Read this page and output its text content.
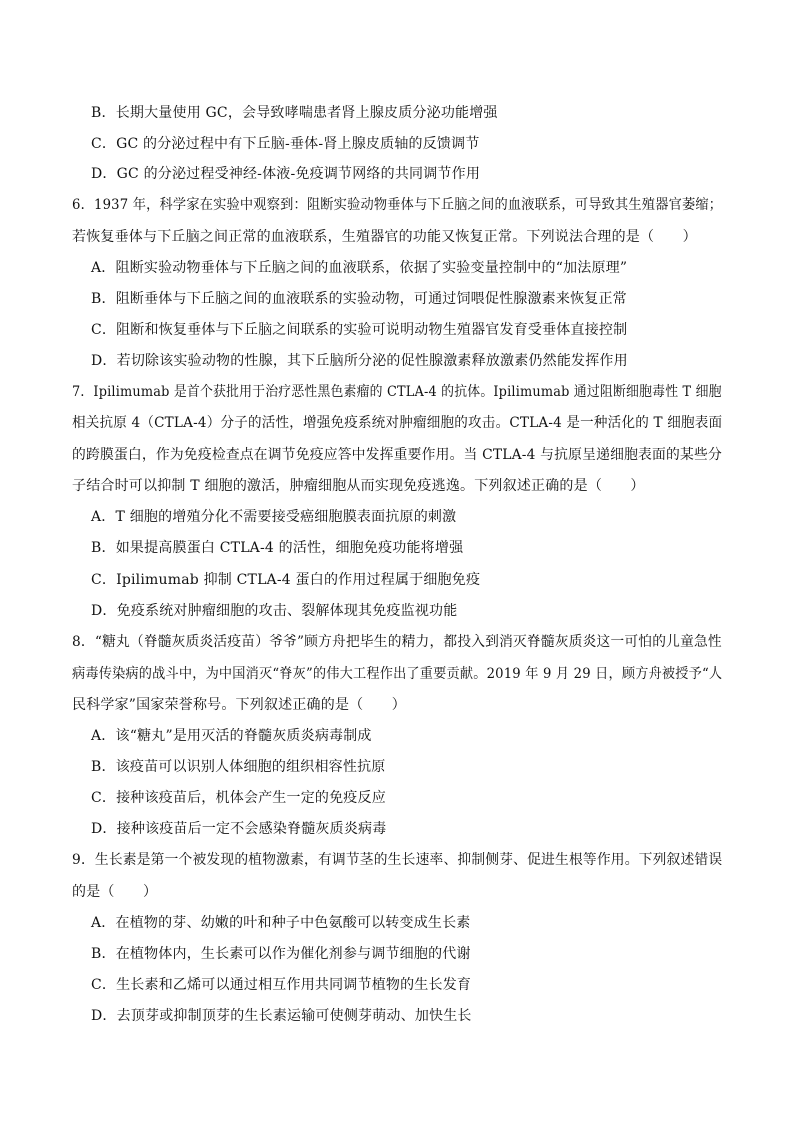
B．长期大量使用 GC，会导致哮喘患者肾上腺皮质分泌功能增强
C．GC 的分泌过程中有下丘脑-垂体-肾上腺皮质轴的反馈调节
D．GC 的分泌过程受神经-体液-免疫调节网络的共同调节作用
6．1937 年，科学家在实验中观察到：阻断实验动物垂体与下丘脑之间的血液联系，可导致其生殖器官萎缩；
若恢复垂体与下丘脑之间正常的血液联系，生殖器官的功能又恢复正常。下列说法合理的是（　　）
A．阻断实验动物垂体与下丘脑之间的血液联系，依据了实验变量控制中的“加法原理”
B．阻断垂体与下丘脑之间的血液联系的实验动物，可通过饲喂促性腺激素来恢复正常
C．阻断和恢复垂体与下丘脑之间联系的实验可说明动物生殖器官发育受垂体直接控制
D．若切除该实验动物的性腺，其下丘脑所分泌的促性腺激素释放激素仍然能发挥作用
7．Ipilimumab 是首个获批用于治疗恶性黑色素瘤的 CTLA-4 的抗体。Ipilimumab 通过阻断细胞毒性 T 细胞
相关抗原 4（CTLA-4）分子的活性，增强免疫系统对肿瘤细胞的攻击。CTLA-4 是一种活化的 T 细胞表面
的跨膜蛋白，作为免疫检查点在调节免疫应答中发挥重要作用。当 CTLA-4 与抗原呈递细胞表面的某些分
子结合时可以抑制 T 细胞的激活，肿瘤细胞从而实现免疫逃逸。下列叙述正确的是（　　）
A．T 细胞的增殖分化不需要接受癌细胞膜表面抗原的刺激
B．如果提高膜蛋白 CTLA-4 的活性，细胞免疫功能将增强
C．Ipilimumab 抑制 CTLA-4 蛋白的作用过程属于细胞免疫
D．免疫系统对肿瘤细胞的攻击、裂解体现其免疫监视功能
8．“糖丸（脊髓灰质炎活疫苗）爷爷”顾方舟把毕生的精力，都投入到消灭脊髓灰质炎这一可怕的儿童急性
病毒传染病的战斗中，为中国消灭“脊灰”的伟大工程作出了重要贡献。2019 年 9 月 29 日，顾方舟被授予“人
民科学家”国家荣誉称号。下列叙述正确的是（　　）
A．该“糖丸”是用灭活的脊髓灰质炎病毒制成
B．该疫苗可以识别人体细胞的组织相容性抗原
C．接种该疫苗后，机体会产生一定的免疫反应
D．接种该疫苗后一定不会感染脊髓灰质炎病毒
9．生长素是第一个被发现的植物激素，有调节茎的生长速率、抑制侧芽、促进生根等作用。下列叙述错误
的是（　　）
A．在植物的芽、幼嫩的叶和种子中色氨酸可以转变成生长素
B．在植物体内，生长素可以作为催化剂参与调节细胞的代谢
C．生长素和乙烯可以通过相互作用共同调节植物的生长发育
D．去顶芽或抑制顶芽的生长素运输可使侧芽萌动、加快生长
